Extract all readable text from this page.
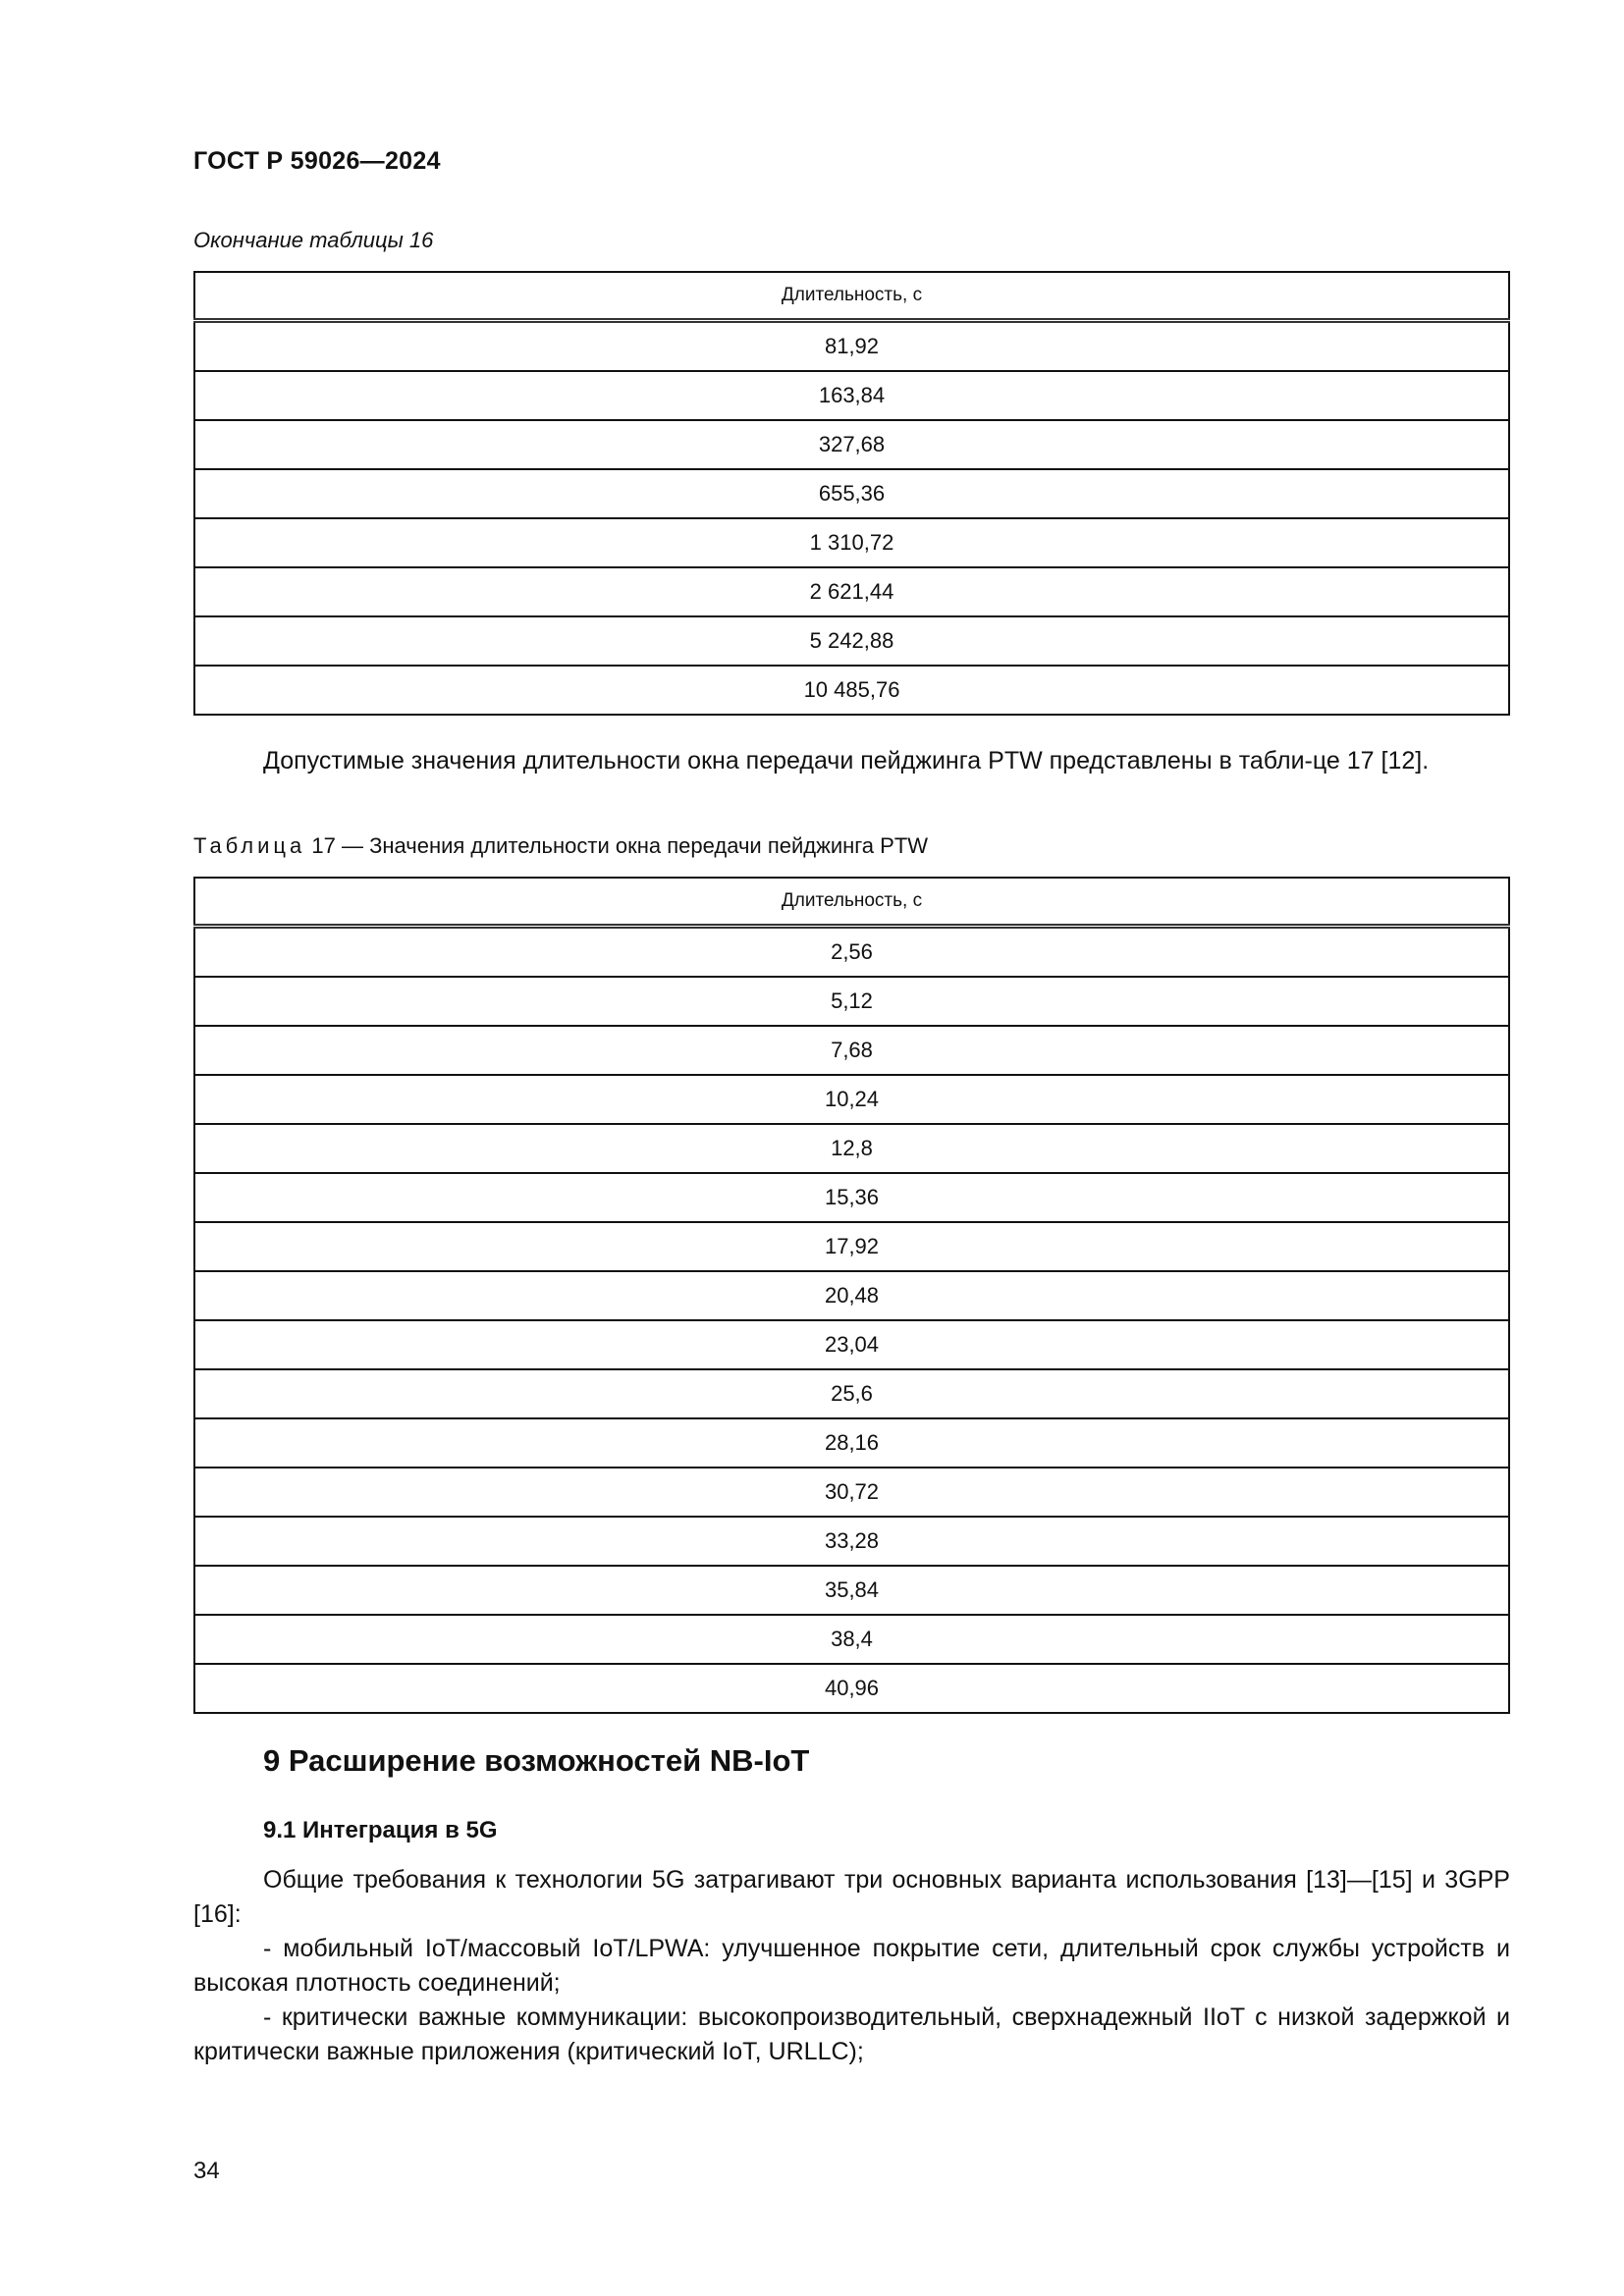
ГОСТ Р 59026—2024
Окончание таблицы 16
Длительность, с
81,92
163,84
327,68
655,36
1 310,72
2 621,44
5 242,88
10 485,76

Допустимые значения длительности окна передачи пейджинга PTW представлены в табли-це 17 [12].

Таблица 17 — Значения длительности окна передачи пейджинга PTW
Длительность, с
2,56
5,12
7,68
10,24
12,8
15,36
17,92
20,48
23,04
25,6
28,16
30,72
33,28
35,84
38,4
40,96
9 Расширение возможностей NB-IoT
9.1 Интеграция в 5G

Общие требования к технологии 5G затрагивают три основных варианта использования [13]—[15] и 3GPP [16]:

- мобильный IoT/массовый IoT/LPWA: улучшенное покрытие сети, длительный срок службы устройств и высокая плотность соединений;

- критически важные коммуникации: высокопроизводительный, сверхнадежный IIoT с низкой задержкой и критически важные приложения (критический IoT, URLLC);

34
